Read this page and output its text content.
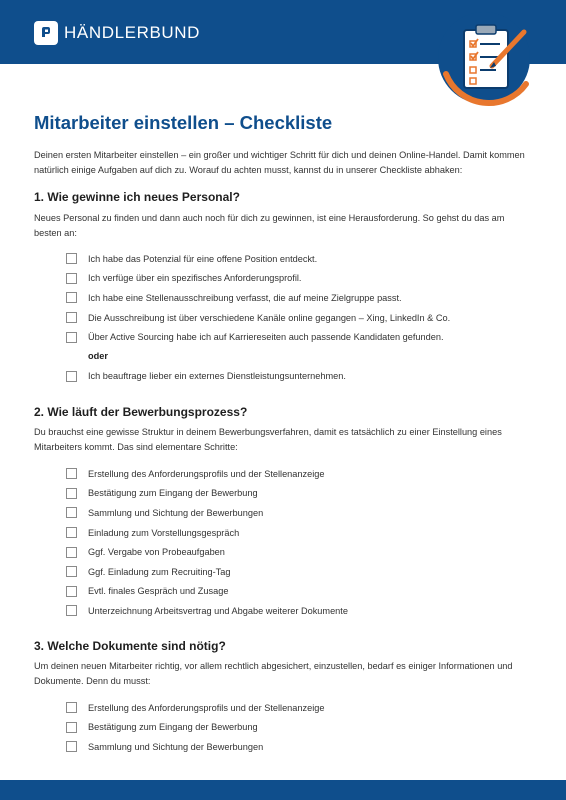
HÄNDLERBUND
Mitarbeiter einstellen – Checkliste

Deinen ersten Mitarbeiter einstellen – ein großer und wichtiger Schritt für dich und deinen Online-Handel. Damit kommen natürlich einige Aufgaben auf dich zu. Worauf du achten musst, kannst du in unserer Checkliste abhaken:

1. Wie gewinne ich neues Personal?

Neues Personal zu finden und dann auch noch für dich zu gewinnen, ist eine Herausforderung. So gehst du das am besten an:

Ich habe das Potenzial für eine offene Position entdeckt.
Ich verfüge über ein spezifisches Anforderungsprofil.
Ich habe eine Stellenausschreibung verfasst, die auf meine Zielgruppe passt.
Die Ausschreibung ist über verschiedene Kanäle online gegangen – Xing, LinkedIn & Co.
Über Active Sourcing habe ich auf Karriereseiten auch passende Kandidaten gefunden.
oder
Ich beauftrage lieber ein externes Dienstleistungsunternehmen.
2. Wie läuft der Bewerbungsprozess?

Du brauchst eine gewisse Struktur in deinem Bewerbungsverfahren, damit es tatsächlich zu einer Einstellung eines Mitarbeiters kommt. Das sind elementare Schritte:

Erstellung des Anforderungsprofils und der Stellenanzeige
Bestätigung zum Eingang der Bewerbung
Sammlung und Sichtung der Bewerbungen
Einladung zum Vorstellungsgespräch
Ggf. Vergabe von Probeaufgaben
Ggf. Einladung zum Recruiting-Tag
Evtl. finales Gespräch und Zusage
Unterzeichnung Arbeitsvertrag und Abgabe weiterer Dokumente
3. Welche Dokumente sind nötig?

Um deinen neuen Mitarbeiter richtig, vor allem rechtlich abgesichert, einzustellen, bedarf es einiger Informationen und Dokumente. Denn du musst:

Erstellung des Anforderungsprofils und der Stellenanzeige
Bestätigung zum Eingang der Bewerbung
Sammlung und Sichtung der Bewerbungen
